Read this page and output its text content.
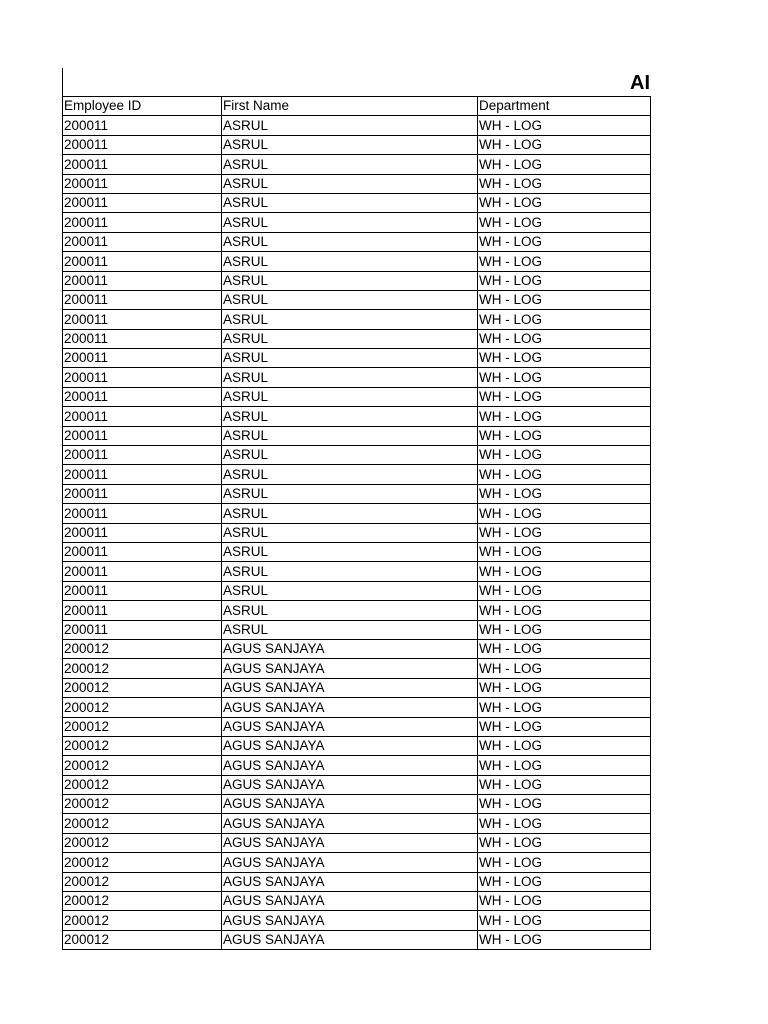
AI
Employee ID	First Name	Department
200011	ASRUL	WH - LOG
200011	ASRUL	WH - LOG
200011	ASRUL	WH - LOG
200011	ASRUL	WH - LOG
200011	ASRUL	WH - LOG
200011	ASRUL	WH - LOG
200011	ASRUL	WH - LOG
200011	ASRUL	WH - LOG
200011	ASRUL	WH - LOG
200011	ASRUL	WH - LOG
200011	ASRUL	WH - LOG
200011	ASRUL	WH - LOG
200011	ASRUL	WH - LOG
200011	ASRUL	WH - LOG
200011	ASRUL	WH - LOG
200011	ASRUL	WH - LOG
200011	ASRUL	WH - LOG
200011	ASRUL	WH - LOG
200011	ASRUL	WH - LOG
200011	ASRUL	WH - LOG
200011	ASRUL	WH - LOG
200011	ASRUL	WH - LOG
200011	ASRUL	WH - LOG
200011	ASRUL	WH - LOG
200011	ASRUL	WH - LOG
200011	ASRUL	WH - LOG
200011	ASRUL	WH - LOG
200012	AGUS SANJAYA	WH - LOG
200012	AGUS SANJAYA	WH - LOG
200012	AGUS SANJAYA	WH - LOG
200012	AGUS SANJAYA	WH - LOG
200012	AGUS SANJAYA	WH - LOG
200012	AGUS SANJAYA	WH - LOG
200012	AGUS SANJAYA	WH - LOG
200012	AGUS SANJAYA	WH - LOG
200012	AGUS SANJAYA	WH - LOG
200012	AGUS SANJAYA	WH - LOG
200012	AGUS SANJAYA	WH - LOG
200012	AGUS SANJAYA	WH - LOG
200012	AGUS SANJAYA	WH - LOG
200012	AGUS SANJAYA	WH - LOG
200012	AGUS SANJAYA	WH - LOG
200012	AGUS SANJAYA	WH - LOG
